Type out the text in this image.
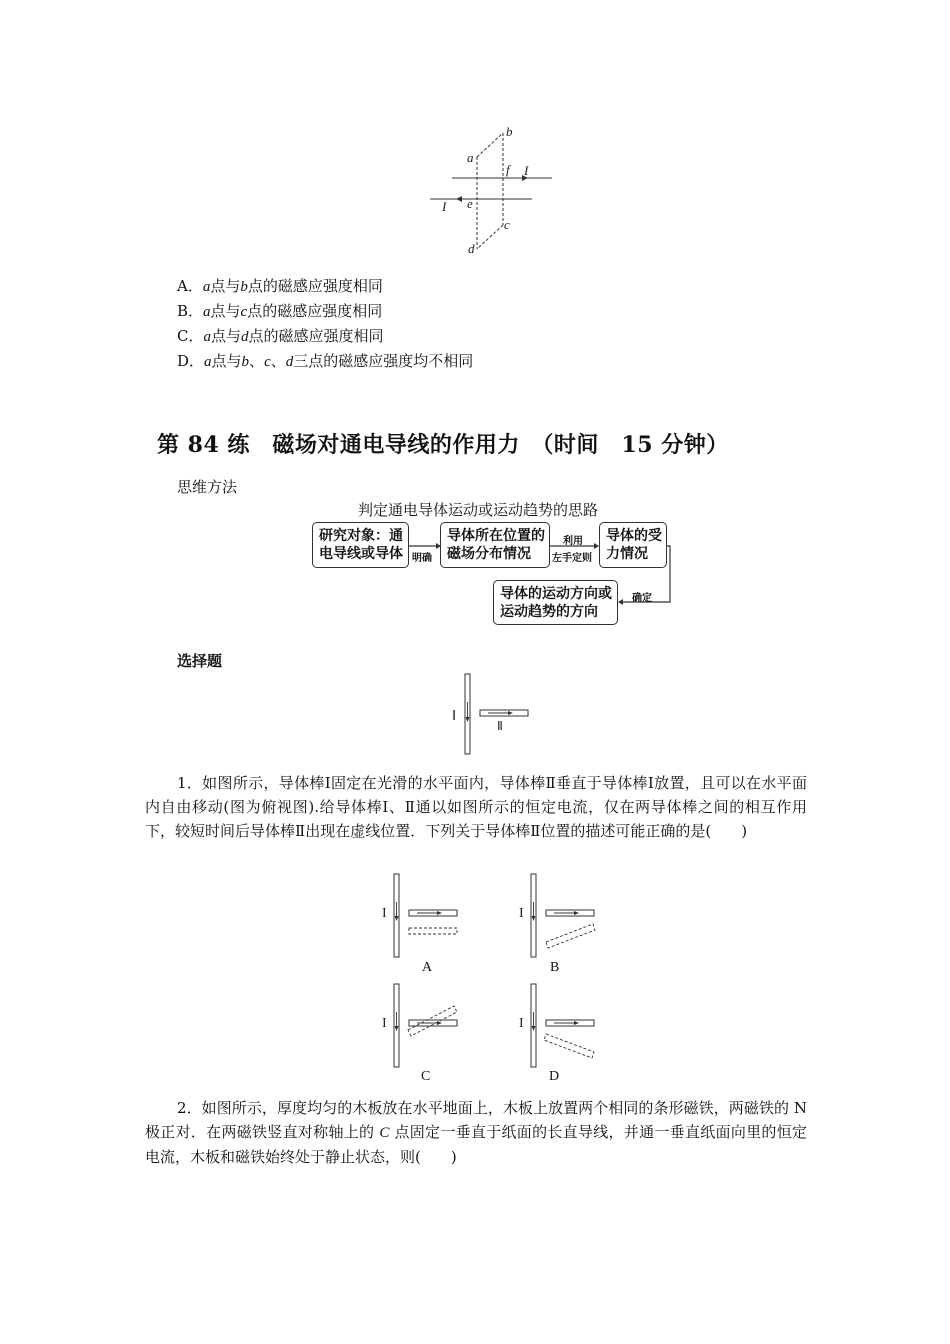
b
a
f I
I e
c
d
A．a点与b点的磁感应强度相同
B．a点与c点的磁感应强度相同
C．a点与d点的磁感应强度相同
D．a点与b、c、d三点的磁感应强度均不相同
第 84 练　磁场对通电导线的作用力　（时间　15 分钟）
思维方法
判定通电导体运动或运动趋势的思路
研究对象：通
电导线或导体 明确
导体所在位置的
磁场分布情况
利用
左手定则
导体的受
力情况
导体的运动方向或
运动趋势的方向
确定
选择题
Ⅰ
Ⅱ
1．如图所示，导体棒Ⅰ固定在光滑的水平面内，导体棒Ⅱ垂直于导体棒Ⅰ放置，且可以在水平面内自由移动(图为俯视图).给导体棒Ⅰ、Ⅱ通以如图所示的恒定电流，仅在两导体棒之间的相互作用下，较短时间后导体棒Ⅱ出现在虚线位置．下列关于导体棒Ⅱ位置的描述可能正确的是(　　)
I
A
I
B
I
C
I
D
2．如图所示，厚度均匀的木板放在水平地面上，木板上放置两个相同的条形磁铁，两磁铁的 N 极正对．在两磁铁竖直对称轴上的 C 点固定一垂直于纸面的长直导线，并通一垂直纸面向里的恒定电流，木板和磁铁始终处于静止状态，则(　　)
